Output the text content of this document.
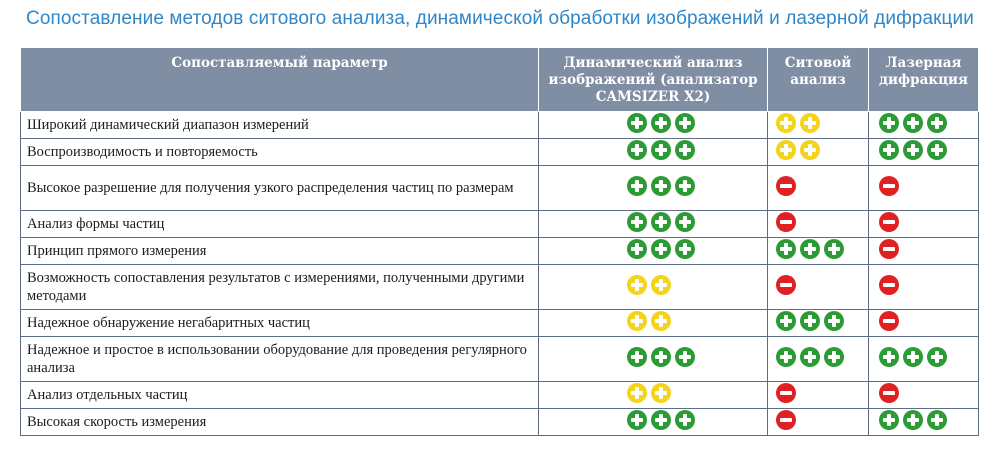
Сопоставление методов ситового анализа, динамической обработки изображений и лазерной дифракции
Сопоставляемый параметр	Динамический анализ изображений (анализатор CAMSIZER X2)	Ситовой анализ	Лазерная дифракция
Широкий динамический диапазон измерений	

Воспроизводимость и повторяемость	

Высокое разрешение для получения узкого распределения частиц по размерам	

Анализ формы частиц	

Принцип прямого измерения	

Возможность сопоставления результатов с измерениями, полученными другими методами	

Надежное обнаружение негабаритных частиц	

Надежное и простое в использовании оборудование для проведения регулярного анализа	

Анализ отдельных частиц	

Высокая скорость измерения	
